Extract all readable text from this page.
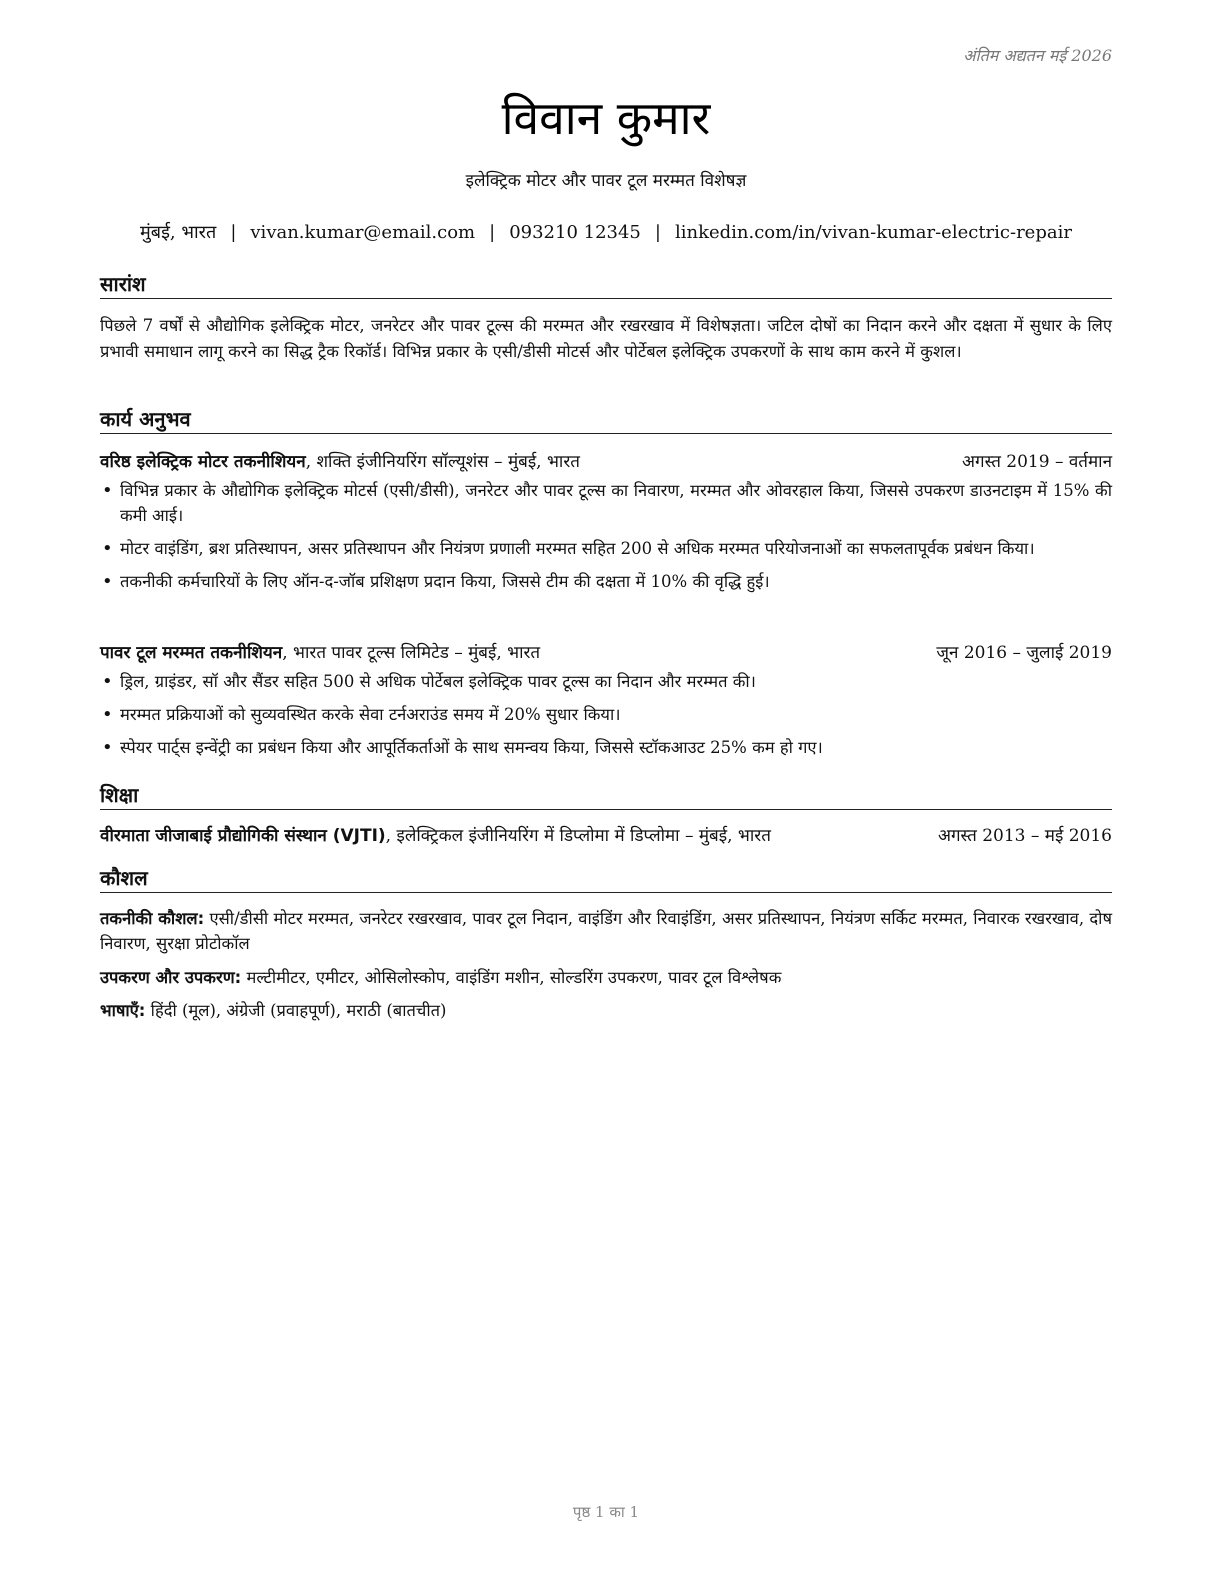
अंतिम अद्यतन मई 2026
विवान कुमार
इलेक्ट्रिक मोटर और पावर टूल मरम्मत विशेषज्ञ
मुंबई, भारत | vivan.kumar@email.com | 093210 12345 | linkedin.com/in/vivan-kumar-electric-repair
सारांश
पिछले 7 वर्षों से औद्योगिक इलेक्ट्रिक मोटर, जनरेटर और पावर टूल्स की मरम्मत और रखरखाव में विशेषज्ञता। जटिल दोषों का निदान करने और दक्षता में सुधार के लिए प्रभावी समाधान लागू करने का सिद्ध ट्रैक रिकॉर्ड। विभिन्न प्रकार के एसी/डीसी मोटर्स और पोर्टेबल इलेक्ट्रिक उपकरणों के साथ काम करने में कुशल।
कार्य अनुभव
वरिष्ठ इलेक्ट्रिक मोटर तकनीशियन, शक्ति इंजीनियरिंग सॉल्यूशंस – मुंबई, भारत	अगस्त 2019 – वर्तमान
• विभिन्न प्रकार के औद्योगिक इलेक्ट्रिक मोटर्स (एसी/डीसी), जनरेटर और पावर टूल्स का निवारण, मरम्मत और ओवरहाल किया, जिससे उपकरण डाउनटाइम में 15% की कमी आई।
• मोटर वाइंडिंग, ब्रश प्रतिस्थापन, असर प्रतिस्थापन और नियंत्रण प्रणाली मरम्मत सहित 200 से अधिक मरम्मत परियोजनाओं का सफलतापूर्वक प्रबंधन किया।
• तकनीकी कर्मचारियों के लिए ऑन-द-जॉब प्रशिक्षण प्रदान किया, जिससे टीम की दक्षता में 10% की वृद्धि हुई।
पावर टूल मरम्मत तकनीशियन, भारत पावर टूल्स लिमिटेड – मुंबई, भारत	जून 2016 – जुलाई 2019
• ड्रिल, ग्राइंडर, सॉ और सैंडर सहित 500 से अधिक पोर्टेबल इलेक्ट्रिक पावर टूल्स का निदान और मरम्मत की।
• मरम्मत प्रक्रियाओं को सुव्यवस्थित करके सेवा टर्नअराउंड समय में 20% सुधार किया।
• स्पेयर पार्ट्स इन्वेंट्री का प्रबंधन किया और आपूर्तिकर्ताओं के साथ समन्वय किया, जिससे स्टॉकआउट 25% कम हो गए।
शिक्षा
वीरमाता जीजाबाई प्रौद्योगिकी संस्थान (VJTI), इलेक्ट्रिकल इंजीनियरिंग में डिप्लोमा में डिप्लोमा – मुंबई, भारत	अगस्त 2013 – मई 2016
कौशल
तकनीकी कौशल: एसी/डीसी मोटर मरम्मत, जनरेटर रखरखाव, पावर टूल निदान, वाइंडिंग और रिवाइंडिंग, असर प्रतिस्थापन, नियंत्रण सर्किट मरम्मत, निवारक रखरखाव, दोष निवारण, सुरक्षा प्रोटोकॉल
उपकरण और उपकरण: मल्टीमीटर, एमीटर, ओसिलोस्कोप, वाइंडिंग मशीन, सोल्डरिंग उपकरण, पावर टूल विश्लेषक
भाषाएँ: हिंदी (मूल), अंग्रेजी (प्रवाहपूर्ण), मराठी (बातचीत)
पृष्ठ 1 का 1
